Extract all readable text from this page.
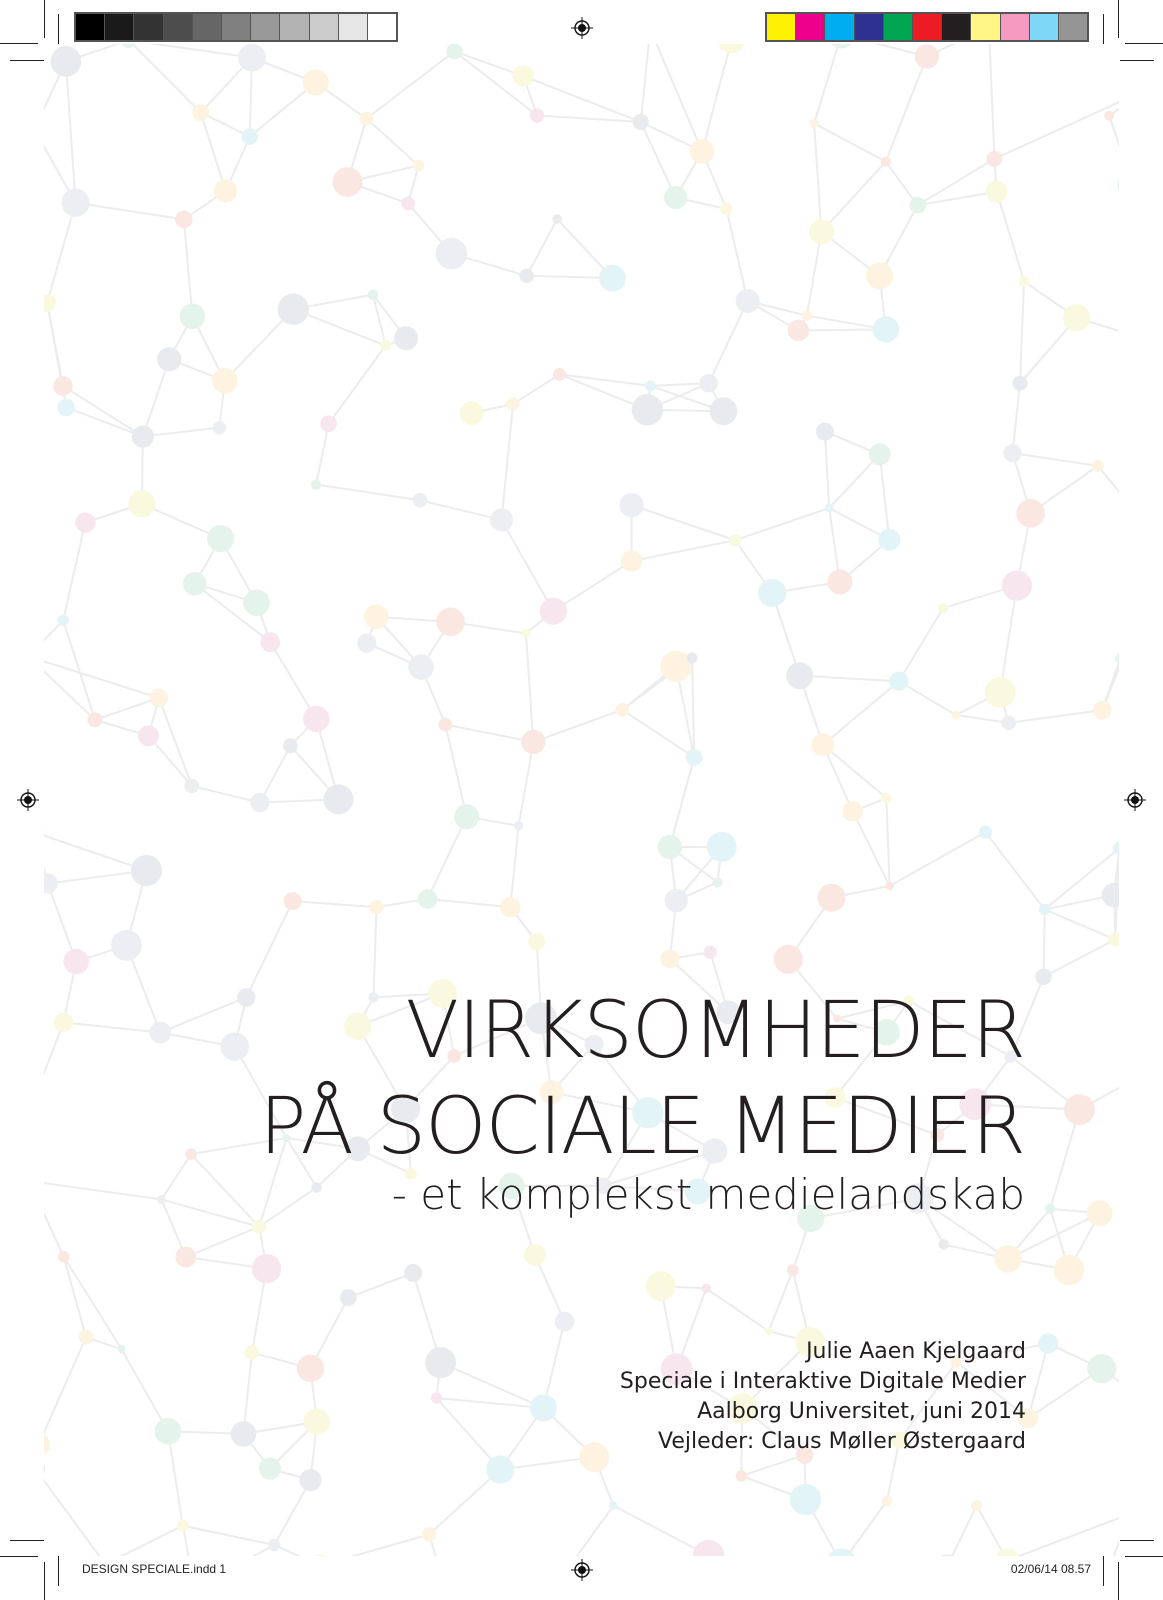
VIRKSOMHEDER
PÅ SOCIALE MEDIER
- et komplekst medielandskab
Julie Aaen Kjelgaard
Speciale i Interaktive Digitale Medier
Aalborg Universitet, juni 2014
Vejleder: Claus Møller Østergaard
DESIGN SPECIALE.indd 1	02/06/14 08.57
